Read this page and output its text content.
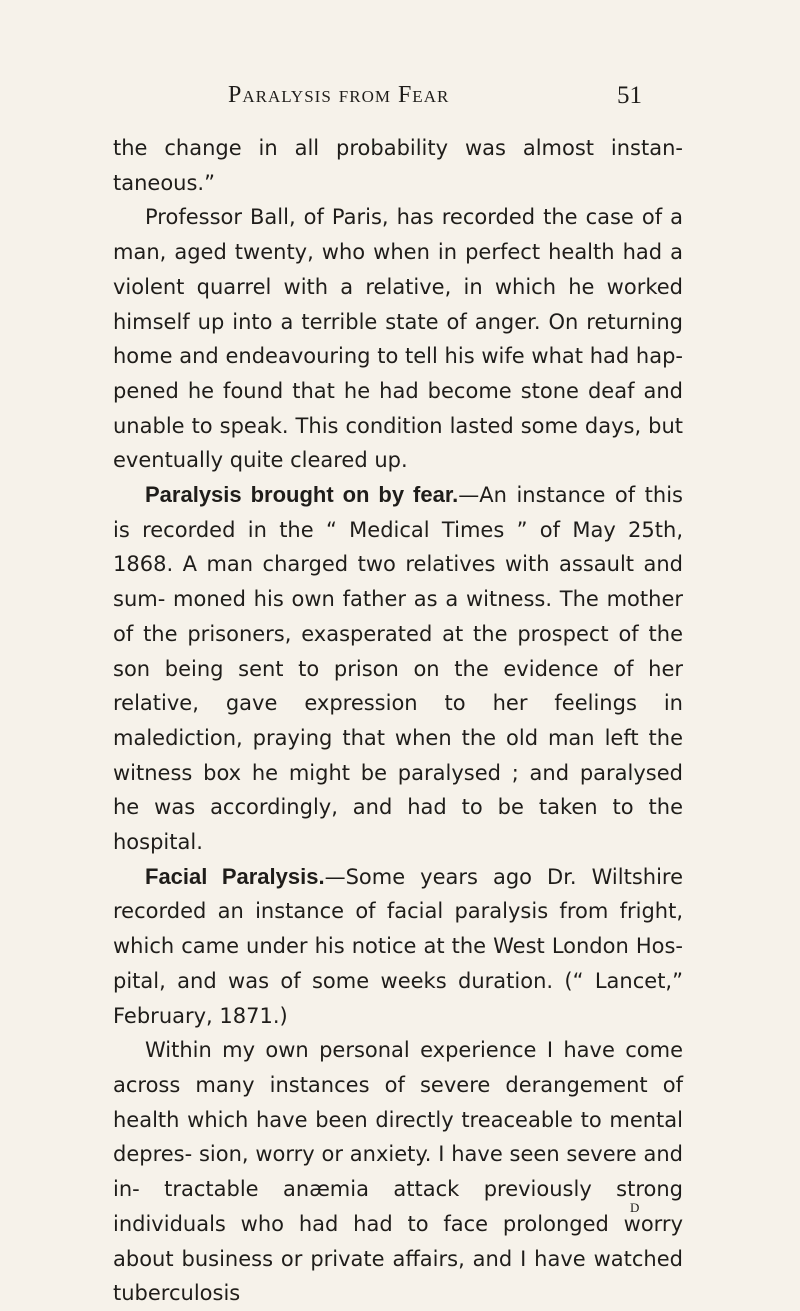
Paralysis from Fear	51

the change in all probability was almost instan- taneous.”

Professor Ball, of Paris, has recorded the case of a man, aged twenty, who when in perfect health had a violent quarrel with a relative, in which he worked himself up into a terrible state of anger. On returning home and endeavouring to tell his wife what had hap- pened he found that he had become stone deaf and unable to speak. This condition lasted some days, but eventually quite cleared up.

Paralysis brought on by fear.—An instance of this is recorded in the “ Medical Times ” of May 25th, 1868. A man charged two relatives with assault and sum- moned his own father as a witness. The mother of the prisoners, exasperated at the prospect of the son being sent to prison on the evidence of her relative, gave expression to her feelings in malediction, praying that when the old man left the witness box he might be paralysed ; and paralysed he was accordingly, and had to be taken to the hospital.

Facial Paralysis.—Some years ago Dr. Wiltshire recorded an instance of facial paralysis from fright, which came under his notice at the West London Hos- pital, and was of some weeks duration. (“ Lancet,” February, 1871.)

Within my own personal experience I have come across many instances of severe derangement of health which have been directly treaceable to mental depres- sion, worry or anxiety. I have seen severe and in- tractable anæmia attack previously strong individuals who had had to face prolonged worry about business or private affairs, and I have watched tuberculosis

D
